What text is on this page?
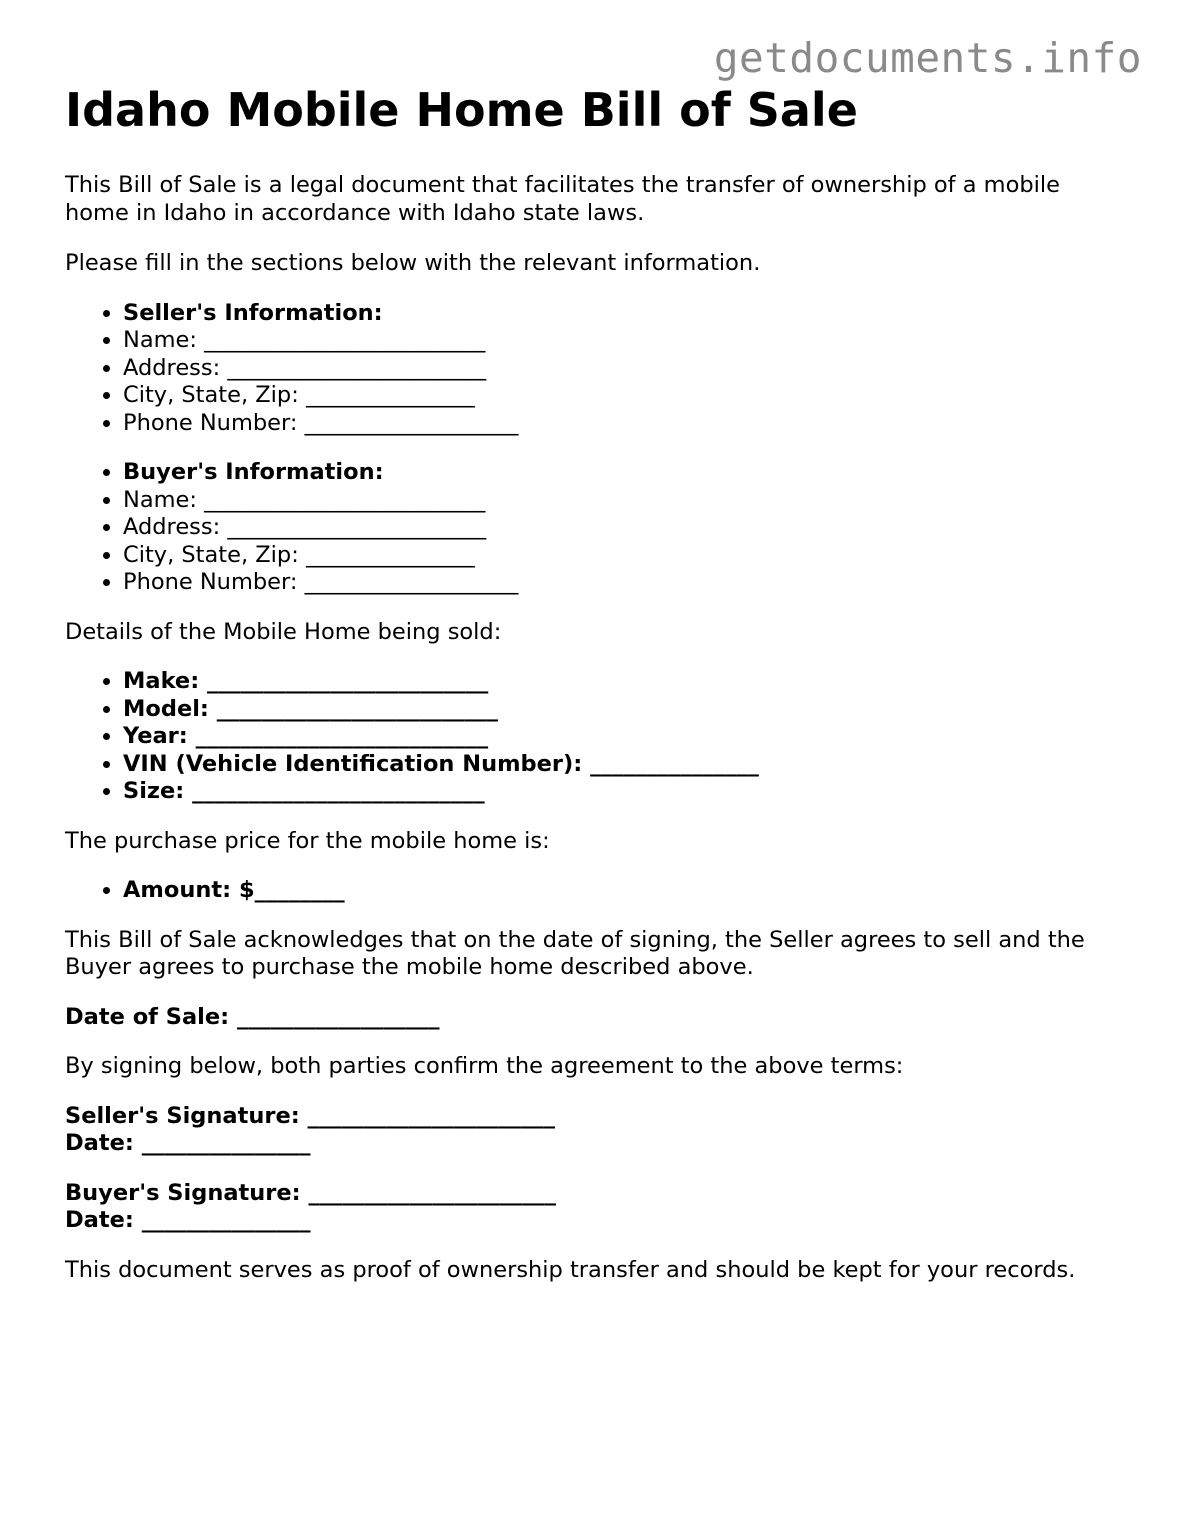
getdocuments.info
Idaho Mobile Home Bill of Sale

This Bill of Sale is a legal document that facilitates the transfer of ownership of a mobile home in Idaho in accordance with Idaho state laws.

Please fill in the sections below with the relevant information.

• Seller's Information:
• Name: _________________________
• Address: _______________________
• City, State, Zip: _______________
• Phone Number: ___________________
• Buyer's Information:
• Name: _________________________
• Address: _______________________
• City, State, Zip: _______________
• Phone Number: ___________________

Details of the Mobile Home being sold:

• Make: _________________________
• Model: _________________________
• Year: __________________________
• VIN (Vehicle Identification Number): _______________
• Size: __________________________

The purchase price for the mobile home is:

• Amount: $________

This Bill of Sale acknowledges that on the date of signing, the Seller agrees to sell and the Buyer agrees to purchase the mobile home described above.

Date of Sale: __________________

By signing below, both parties confirm the agreement to the above terms:

Seller's Signature: ______________________

Date: _______________

Buyer's Signature: ______________________

Date: _______________

This document serves as proof of ownership transfer and should be kept for your records.
